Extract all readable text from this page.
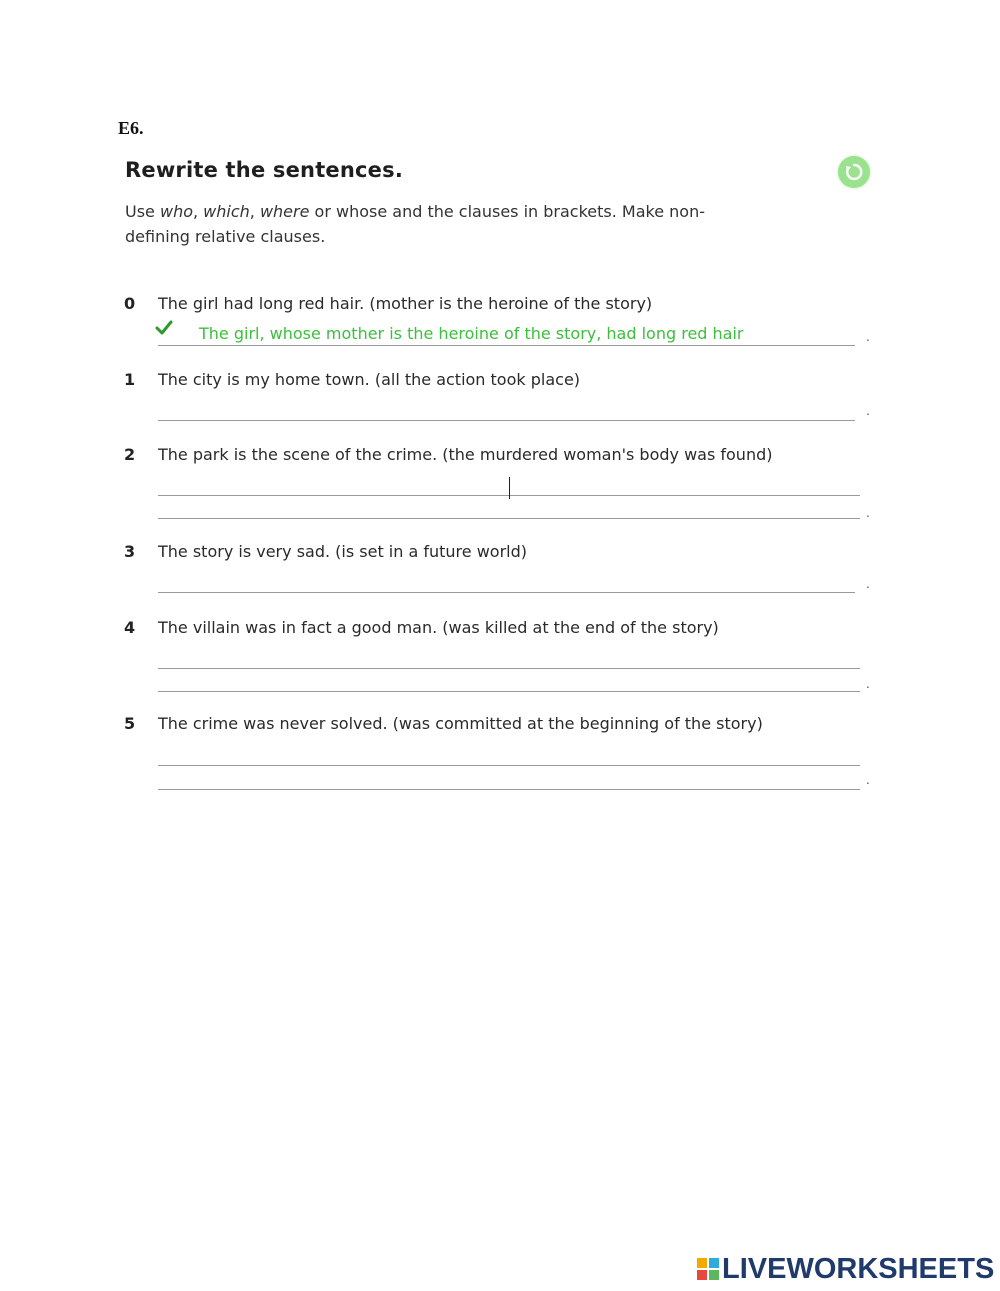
E6.
Rewrite the sentences.
Use who, which, where or whose and the clauses in brackets. Make non-
defining relative clauses.
0 The girl had long red hair. (mother is the heroine of the story)
The girl, whose mother is the heroine of the story, had long red hair	.
1 The city is my home town. (all the action took place)
.
2 The park is the scene of the crime. (the murdered woman's body was found)
.
3 The story is very sad. (is set in a future world)
.
4 The villain was in fact a good man. (was killed at the end of the story)
.
5 The crime was never solved. (was committed at the beginning of the story)
.
LIVEWORKSHEETS
